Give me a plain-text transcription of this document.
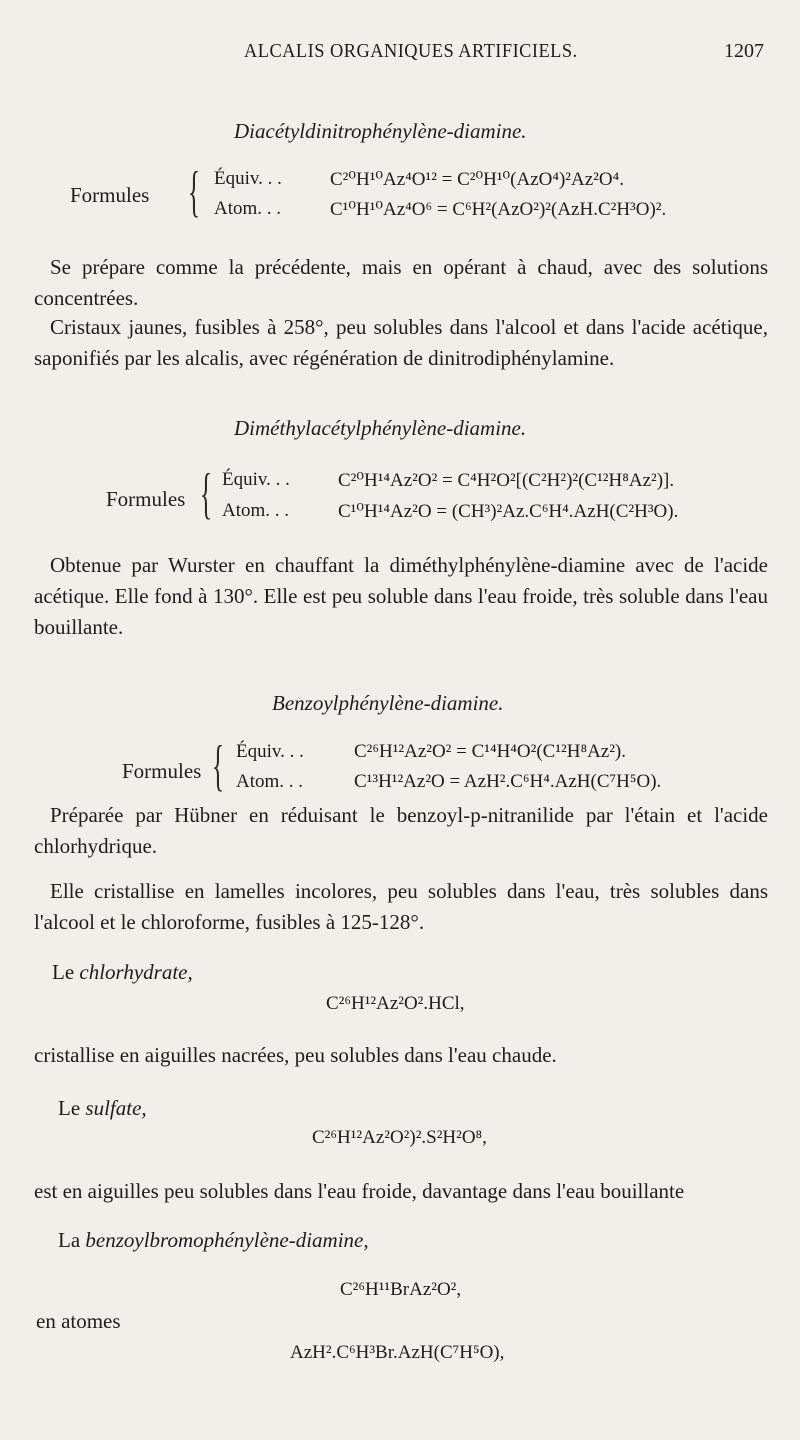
ALCALIS ORGANIQUES ARTIFICIELS.	1207
Diacétyldinitrophénylène-diamine.
Formules { Équiv. . .	C²⁰H¹⁰Az⁴O¹² = C²⁰H¹⁰(AzO⁴)²Az²O⁴.
Atom. . .	C¹⁰H¹⁰Az⁴O⁶ = C⁶H²(AzO²)²(AzH.C²H³O)².
Se prépare comme la précédente, mais en opérant à chaud, avec des solutions concentrées.
Cristaux jaunes, fusibles à 258°, peu solubles dans l'alcool et dans l'acide acétique, saponifiés par les alcalis, avec régénération de dinitrodiphénylamine.
Diméthylacétylphénylène-diamine.
Formules { Équiv. . .	C²⁰H¹⁴Az²O² = C⁴H²O²[(C²H²)²(C¹²H⁸Az²)].
Atom. . .	C¹⁰H¹⁴Az²O = (CH³)²Az.C⁶H⁴.AzH(C²H³O).
Obtenue par Wurster en chauffant la diméthylphénylène-diamine avec de l'acide acétique. Elle fond à 130°. Elle est peu soluble dans l'eau froide, très soluble dans l'eau bouillante.
Benzoylphénylène-diamine.
Formules { Équiv. . .	C²⁶H¹²Az²O² = C¹⁴H⁴O²(C¹²H⁸Az²).
Atom. . .	C¹³H¹²Az²O = AzH².C⁶H⁴.AzH(C⁷H⁵O).
Préparée par Hübner en réduisant le benzoyl-p-nitranilide par l'étain et l'acide chlorhydrique.
Elle cristallise en lamelles incolores, peu solubles dans l'eau, très solubles dans l'alcool et le chloroforme, fusibles à 125-128°.
Le chlorhydrate,
C²⁶H¹²Az²O².HCl,
cristallise en aiguilles nacrées, peu solubles dans l'eau chaude.
Le sulfate,
C²⁶H¹²Az²O²)².S²H²O⁸,
est en aiguilles peu solubles dans l'eau froide, davantage dans l'eau bouillante
La benzoylbromophénylène-diamine,
C²⁶H¹¹BrAz²O²,
en atomes
AzH².C⁶H³Br.AzH(C⁷H⁵O),
